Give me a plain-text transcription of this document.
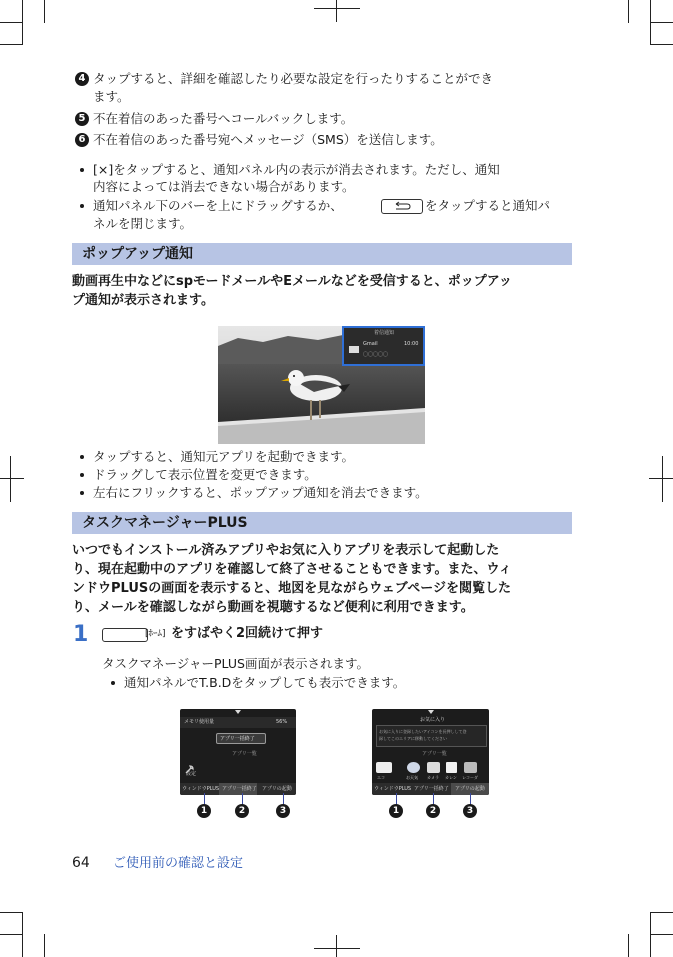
4 タップすると、詳細を確認したり必要な設定を行ったりすることができ
ます。
5 不在着信のあった番号へコールバックします。
6 不在着信のあった番号宛へメッセージ（SMS）を送信します。
[×]をタップすると、通知パネル内の表示が消去されます。ただし、通知
内容によっては消去できない場合があります。
通知パネル下のバーを上にドラッグするか、	をタップすると通知パ
ネルを閉じます。
ポップアップ通知
動画再生中などにspモードメールやEメールなどを受信すると、ポップアッ
プ通知が表示されます。
着信通知
Gmail	10:00
〇〇〇〇〇
タップすると、通知元アプリを起動できます。
ドラッグして表示位置を変更できます。
左右にフリックすると、ポップアップ通知を消去できます。
タスクマネージャーPLUS
いつでもインストール済みアプリやお気に入りアプリを表示して起動した
り、現在起動中のアプリを確認して終了させることもできます。また、ウィ
ンドウPLUSの画面を表示すると、地図を見ながらウェブページを閲覧した
り、メールを確認しながら動画を視聴するなど便利に利用できます。
1	[ﾎｰﾑ] をすばやく2回続けて押す
タスクマネージャーPLUS画面が表示されます。
通知パネルでT.B.Dをタップしても表示できます。
メモリ使用量	56%
アプリ一括終了
アプリ一覧
設定
ウィンドウPLUS アプリ一括終了 アプリの起動
お気に入り
お気に入りに登録したいアイコンを長押しして登
録してこのエリアに移動してください
アプリ一覧
エコ	お天気 カメラ カレン レコーダ
ウィンドウPLUS アプリ一括終了 アプリの起動
1	2	3	1	2	3
64 ご使用前の確認と設定
